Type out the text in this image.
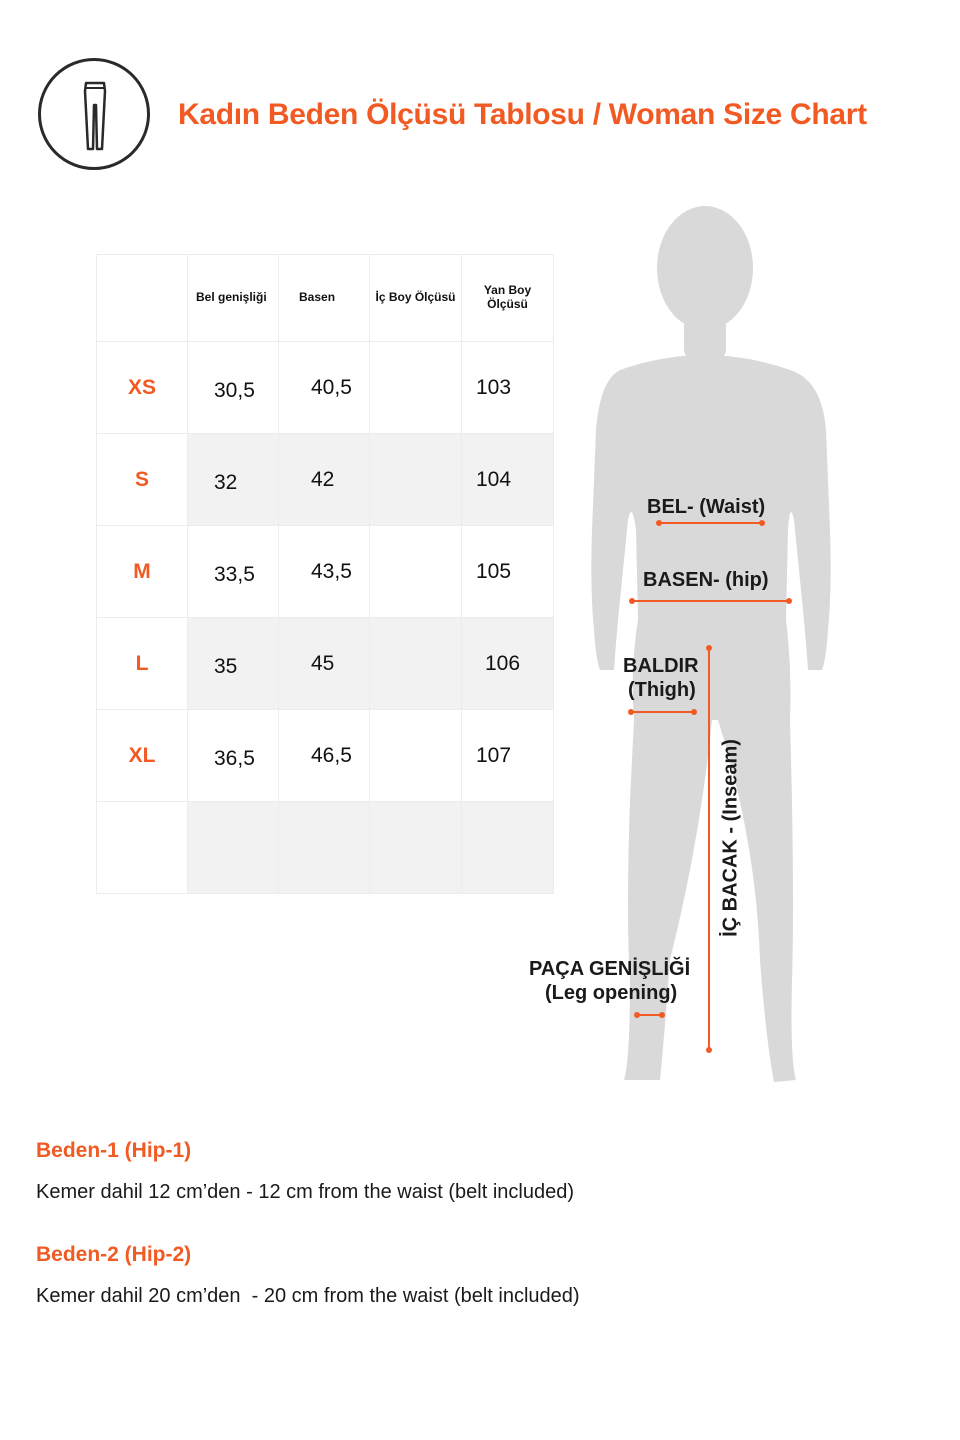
Kadın Beden Ölçüsü Tablosu / Woman Size Chart
	Bel genişliği	Basen	İç Boy Ölçüsü	Yan Boy Ölçüsü
XS	30,5	40,5		103
S	32	42		104
M	33,5	43,5		105
L	35	45		106
XL	36,5	46,5		107

BEL- (Waist)
BASEN- (hip)
BALDIR
(Thigh)
İÇ BACAK - (Inseam)
PAÇA GENİŞLİĞİ
(Leg opening)
Beden-1 (Hip-1)
Kemer dahil 12 cm’den - 12 cm from the waist (belt included)
Beden-2 (Hip-2)
Kemer dahil 20 cm’den  - 20 cm from the waist (belt included)
